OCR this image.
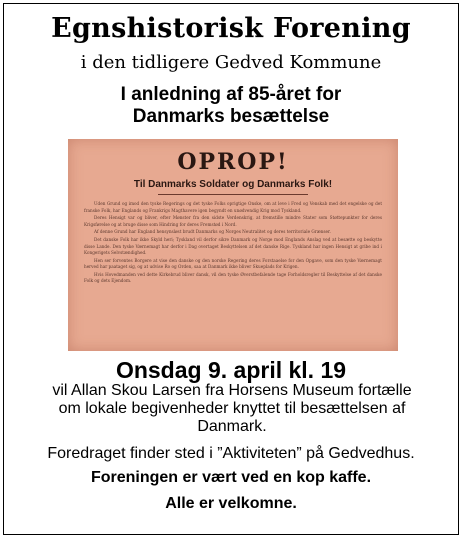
Egnshistorisk Forening
i den tidligere Gedved Kommune
I anledning af 85-året for
Danmarks besættelse
OPROP!
Til Danmarks Soldater og Danmarks Folk!

Uden Grund og imod den tyske Regerings og det tyske Folks oprigtige Onske, om at leve i Fred og Venskab med det engelske og det franske Folk, har Englands og Frankrigs Magthavere igen begyndt en unødvendig Krig mod Tyskland.

Deres Hensigt var og bliver, efter Mønster fra den sidste Verdenskrig, at fremstille mindre Stater som Støttepunkter for deres Krigsførelse og at bruge disse som Hindring for deres Fremstød i Nord.

Af denne Grund har England hensynsløst brudt Danmarks og Norges Neutralitet og deres territoriale Grænser.

Det danske Folk har ikke Skyld heri; Tyskland vil derfor sikre Danmark og Norge mod Englands Anslag ved at besætte og beskytte disse Lande. Den tyske Værnemagt har derfor i Dag overtaget Beskyttelsen af det danske Rige. Tyskland har ingen Hensigt at gribe ind i Kongerigets Selvstændighed.

Hen ser forventes Borgere at vise den danske og den norske Regering deres Forstaaelse for den Opgave, som den tyske Værnemagt herved har paataget sig, og at udvise Ro og Orden, saa at Danmark ikke bliver Skueplads for Krigen.

Hvis Hovedmanden ved dette Kirkebrud bliver dansk, vil den tyske Øverstbefalende tage Forholdsregler til Beskyttelse af det danske Folk og dets Ejendom.

Onsdag 9. april kl. 19
vil Allan Skou Larsen fra Horsens Museum fortælle
om lokale begivenheder knyttet til besættelsen af
Danmark.
Foredraget finder sted i ”Aktiviteten” på Gedvedhus.
Foreningen er vært ved en kop kaffe.
Alle er velkomne.
